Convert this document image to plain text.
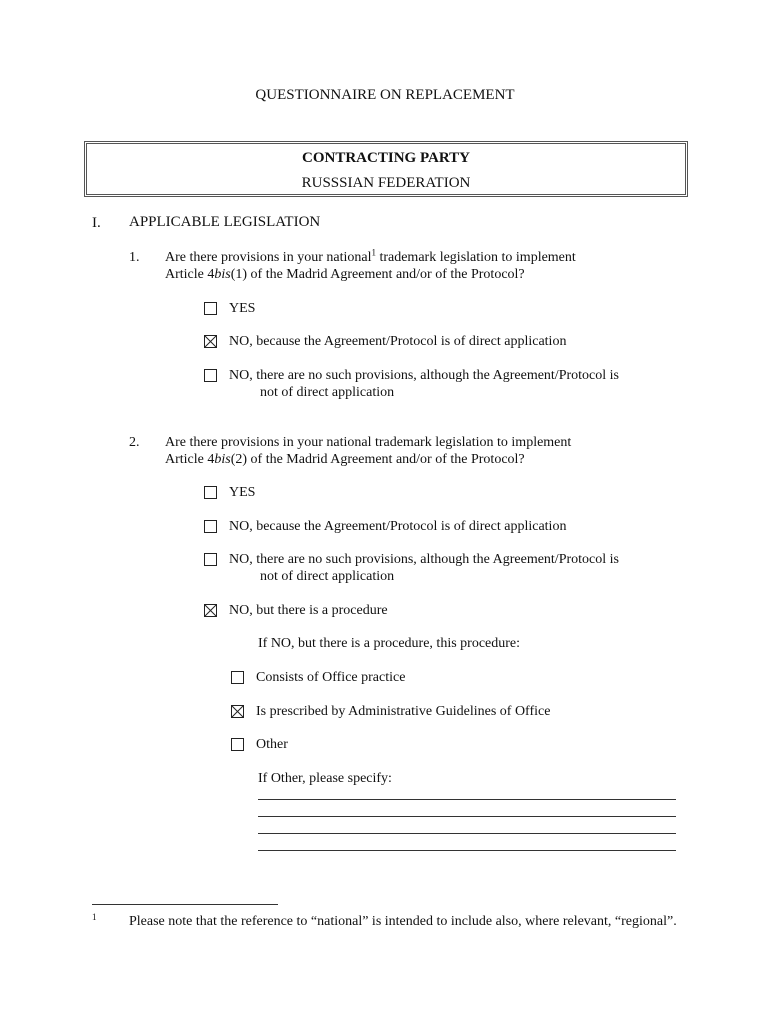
QUESTIONNAIRE ON REPLACEMENT
CONTRACTING PARTY
RUSSSIAN FEDERATION
I. APPLICABLE LEGISLATION
1. Are there provisions in your national$^1$ trademark legislation to implement
Article 4bis(1) of the Madrid Agreement and/or of the Protocol?
YES
NO, because the Agreement/Protocol is of direct application
NO, there are no such provisions, although the Agreement/Protocol is
not of direct application
2. Are there provisions in your national trademark legislation to implement
Article 4bis(2) of the Madrid Agreement and/or of the Protocol?
YES
NO, because the Agreement/Protocol is of direct application
NO, there are no such provisions, although the Agreement/Protocol is
not of direct application
NO, but there is a procedure
If NO, but there is a procedure, this procedure:
Consists of Office practice
Is prescribed by Administrative Guidelines of Office
Other
If Other, please specify:
1 Please note that the reference to “national” is intended to include also, where relevant, “regional”.
